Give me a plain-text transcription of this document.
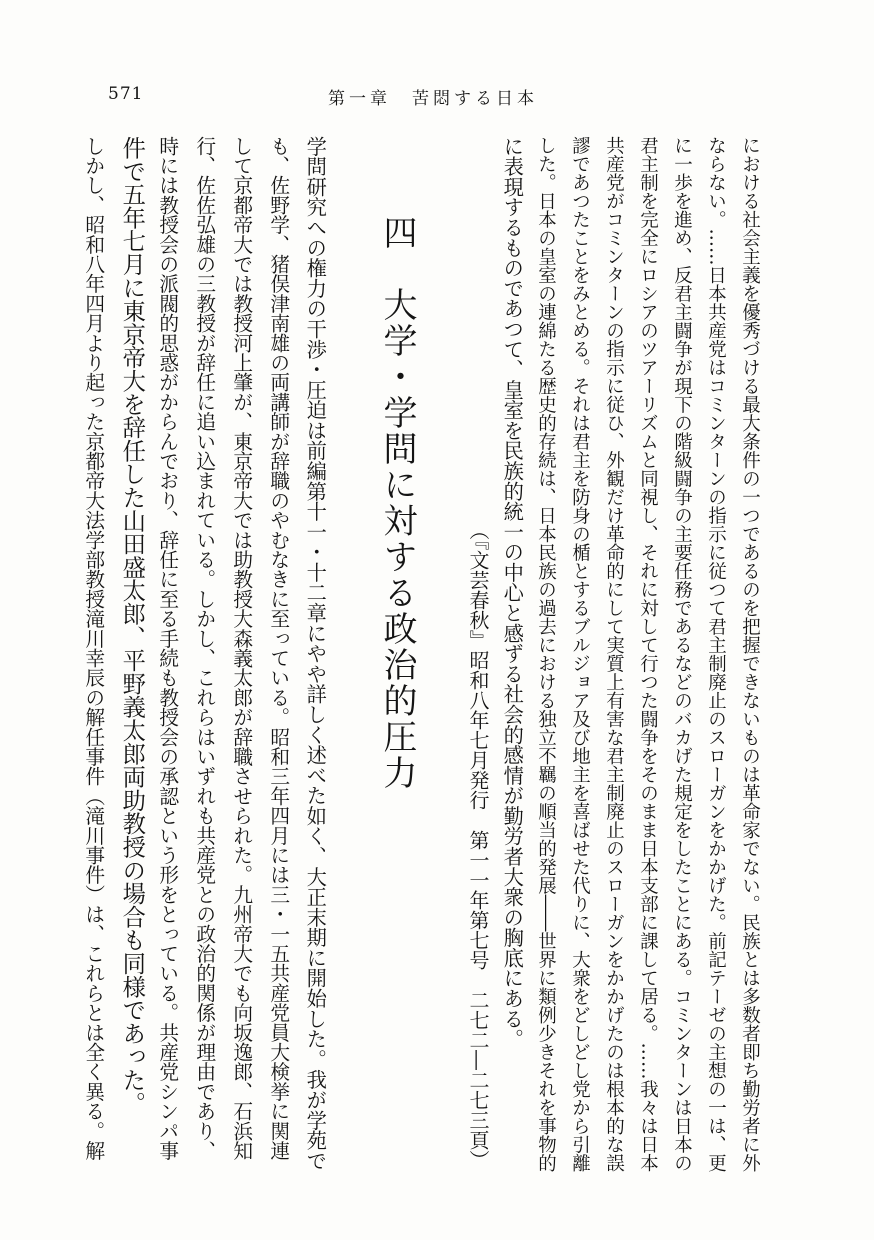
571	第一章　苦悶する日本
における社会主義を優秀づける最大条件の一つであるのを把握できないものは革命家でない。民族とは多数者即ち勤労者に外
ならない。……日本共産党はコミンターンの指示に従つて君主制廃止のスローガンをかかげた。前記テーゼの主想の一は、更
に一歩を進め、反君主闘争が現下の階級闘争の主要任務であるなどのバカげた規定をしたことにある。コミンターンは日本の
君主制を完全にロシアのツアーリズムと同視し、それに対して行つた闘争をそのまま日本支部に課して居る。……我々は日本
共産党がコミンターンの指示に従ひ、外観だけ革命的にして実質上有害な君主制廃止のスローガンをかかげたのは根本的な誤
謬であつたことをみとめる。それは君主を防身の楯とするブルジョア及び地主を喜ばせた代りに、大衆をどしどし党から引離
した。日本の皇室の連綿たる歴史的存続は、日本民族の過去における独立不羈の順当的発展――世界に類例少きそれを事物的
に表現するものであつて、皇室を民族的統一の中心と感ずる社会的感情が勤労者大衆の胸底にある。
（『文芸春秋』昭和八年七月発行　第一一年第七号　二七二―二七三頁）
四　大学・学問に対する政治的圧力
学問研究への権力の干渉・圧迫は前編第十一・十二章にやや詳しく述べた如く、大正末期に開始した。我が学苑で
も、佐野学、猪俣津南雄の両講師が辞職のやむなきに至っている。昭和三年四月には三・一五共産党員大検挙に関連
して京都帝大では教授河上肇が、東京帝大では助教授大森義太郎が辞職させられた。九州帝大でも向坂逸郎、石浜知
行、佐佐弘雄の三教授が辞任に追い込まれている。しかし、これらはいずれも共産党との政治的関係が理由であり、
時には教授会の派閥的思惑がからんでおり、辞任に至る手続も教授会の承認という形をとっている。共産党シンパ事
件で五年七月に東京帝大を辞任した山田盛太郎、平野義太郎両助教授の場合も同様であった。
しかし、昭和八年四月より起った京都帝大法学部教授滝川幸辰の解任事件（滝川事件）は、これらとは全く異る。解
